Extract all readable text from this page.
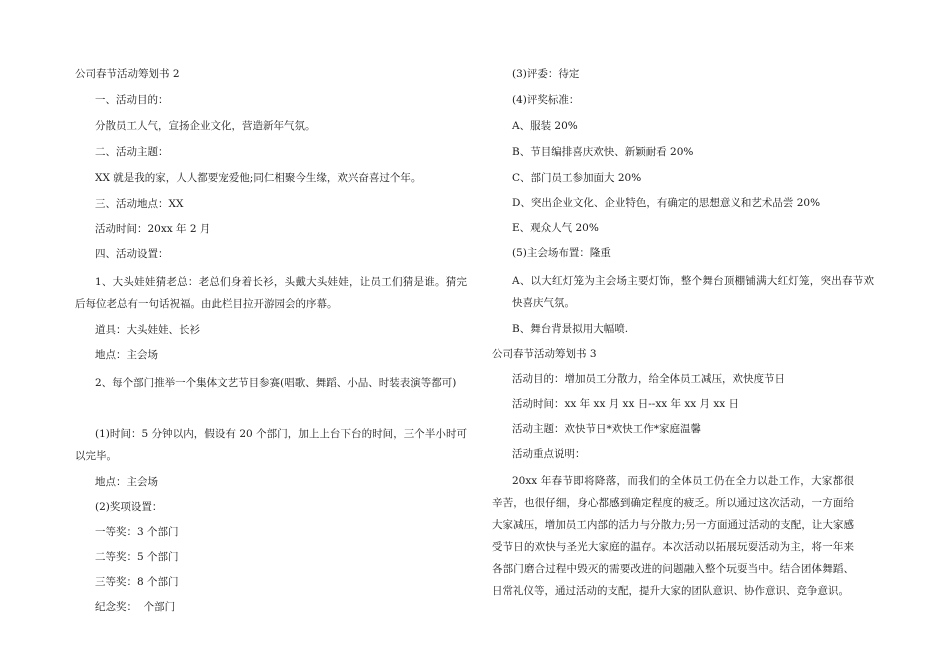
公司春节活动筹划书 2
一、活动目的：
分散员工人气，宣扬企业文化，营造新年气氛。
二、活动主题：
XX 就是我的家，人人都要宠爱他;同仁相聚今生缘，欢兴奋喜过个年。
三、活动地点：XX
活动时间：20xx 年 2 月
四、活动设置：
1、大头娃娃猜老总：老总们身着长衫，头戴大头娃娃，让员工们猜是谁。猜完后每位老总有一句话祝福。由此栏目拉开游园会的序幕。
道具：大头娃娃、长衫
地点：主会场
2、每个部门推举一个集体文艺节目参赛(唱歌、舞蹈、小品、时装表演等都可)
(1)时间：5 分钟以内，假设有 20 个部门，加上上台下台的时间，三个半小时可以完毕。
地点：主会场
(2)奖项设置：
一等奖：3 个部门
二等奖：5 个部门
三等奖：8 个部门
纪念奖：  个部门
(3)评委：待定
(4)评奖标准：
A、服装 20%
B、节目编排喜庆欢快、新颖耐看 20%
C、部门员工参加面大 20%
D、突出企业文化、企业特色，有确定的思想意义和艺术品尝 20%
E、观众人气 20%
(5)主会场布置：隆重
A、以大红灯笼为主会场主要灯饰，整个舞台顶棚铺满大红灯笼，突出春节欢快喜庆气氛。
B、舞台背景拟用大幅喷.
公司春节活动筹划书 3
活动目的：增加员工分散力，给全体员工减压，欢快度节日
活动时间：xx 年 xx 月 xx 日--xx 年 xx 月 xx 日
活动主题：欢快节日*欢快工作*家庭温馨
活动重点说明：
20xx 年春节即将降落，而我们的全体员工仍在全力以赴工作，大家都很辛苦，也很仔细，身心都感到确定程度的疲乏。所以通过这次活动，一方面给大家减压，增加员工内部的活力与分散力;另一方面通过活动的支配，让大家感受节日的欢快与圣光大家庭的温存。本次活动以拓展玩耍活动为主，将一年来各部门磨合过程中毁灭的需要改进的问题融入整个玩耍当中。结合团体舞蹈、日常礼仪等，通过活动的支配，提升大家的团队意识、协作意识、竞争意识。
